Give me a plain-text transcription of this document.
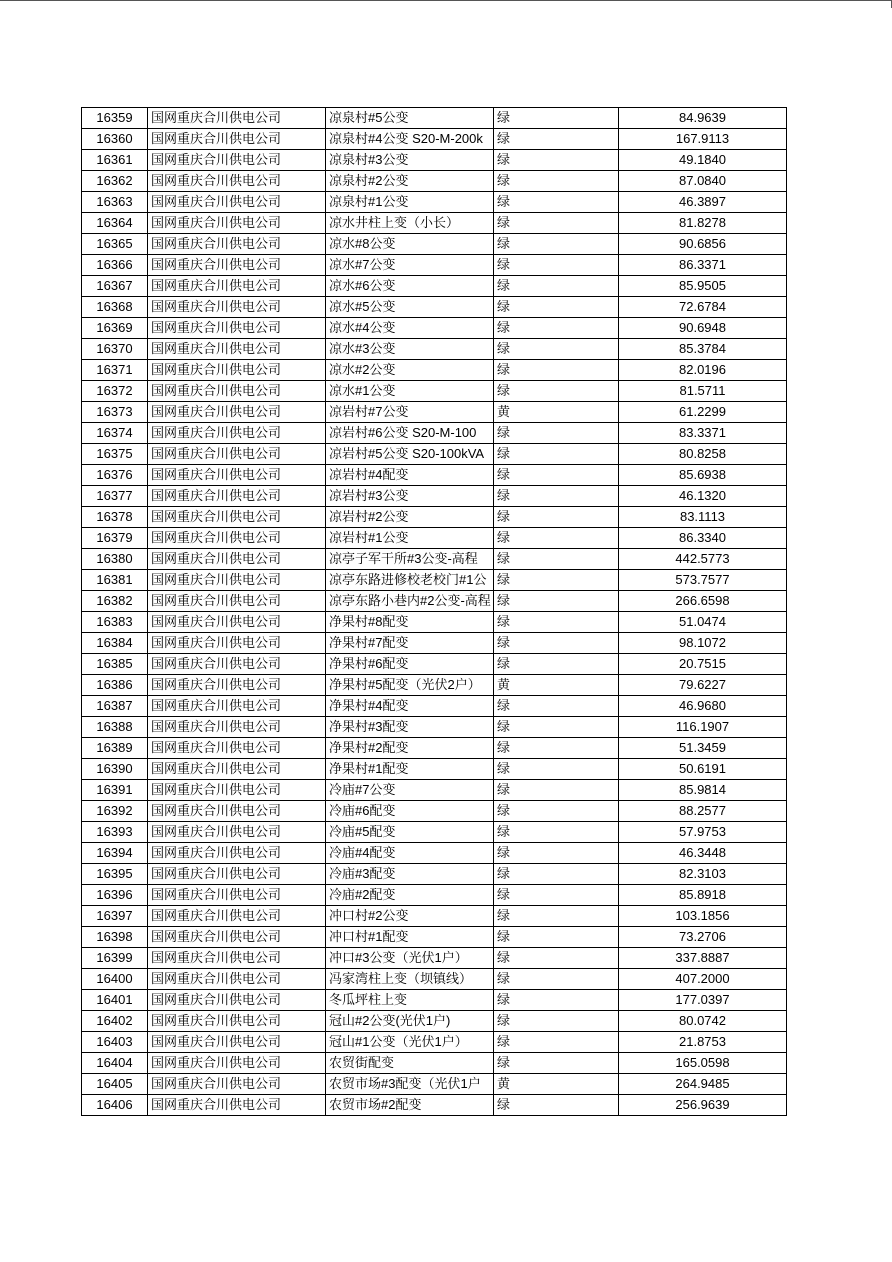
16359	国网重庆合川供电公司	凉泉村#5公变	绿	84.9639
16360	国网重庆合川供电公司	凉泉村#4公变 S20-M-200k	绿	167.9113
16361	国网重庆合川供电公司	凉泉村#3公变	绿	49.1840
16362	国网重庆合川供电公司	凉泉村#2公变	绿	87.0840
16363	国网重庆合川供电公司	凉泉村#1公变	绿	46.3897
16364	国网重庆合川供电公司	凉水井柱上变（小长）	绿	81.8278
16365	国网重庆合川供电公司	凉水#8公变	绿	90.6856
16366	国网重庆合川供电公司	凉水#7公变	绿	86.3371
16367	国网重庆合川供电公司	凉水#6公变	绿	85.9505
16368	国网重庆合川供电公司	凉水#5公变	绿	72.6784
16369	国网重庆合川供电公司	凉水#4公变	绿	90.6948
16370	国网重庆合川供电公司	凉水#3公变	绿	85.3784
16371	国网重庆合川供电公司	凉水#2公变	绿	82.0196
16372	国网重庆合川供电公司	凉水#1公变	绿	81.5711
16373	国网重庆合川供电公司	凉岩村#7公变	黄	61.2299
16374	国网重庆合川供电公司	凉岩村#6公变 S20-M-100	绿	83.3371
16375	国网重庆合川供电公司	凉岩村#5公变 S20-100kVA	绿	80.8258
16376	国网重庆合川供电公司	凉岩村#4配变	绿	85.6938
16377	国网重庆合川供电公司	凉岩村#3公变	绿	46.1320
16378	国网重庆合川供电公司	凉岩村#2公变	绿	83.1113
16379	国网重庆合川供电公司	凉岩村#1公变	绿	86.3340
16380	国网重庆合川供电公司	凉亭子军干所#3公变-高程	绿	442.5773
16381	国网重庆合川供电公司	凉亭东路进修校老校门#1公	绿	573.7577
16382	国网重庆合川供电公司	凉亭东路小巷内#2公变-高程	绿	266.6598
16383	国网重庆合川供电公司	净果村#8配变	绿	51.0474
16384	国网重庆合川供电公司	净果村#7配变	绿	98.1072
16385	国网重庆合川供电公司	净果村#6配变	绿	20.7515
16386	国网重庆合川供电公司	净果村#5配变（光伏2户）	黄	79.6227
16387	国网重庆合川供电公司	净果村#4配变	绿	46.9680
16388	国网重庆合川供电公司	净果村#3配变	绿	116.1907
16389	国网重庆合川供电公司	净果村#2配变	绿	51.3459
16390	国网重庆合川供电公司	净果村#1配变	绿	50.6191
16391	国网重庆合川供电公司	冷庙#7公变	绿	85.9814
16392	国网重庆合川供电公司	冷庙#6配变	绿	88.2577
16393	国网重庆合川供电公司	冷庙#5配变	绿	57.9753
16394	国网重庆合川供电公司	冷庙#4配变	绿	46.3448
16395	国网重庆合川供电公司	冷庙#3配变	绿	82.3103
16396	国网重庆合川供电公司	冷庙#2配变	绿	85.8918
16397	国网重庆合川供电公司	冲口村#2公变	绿	103.1856
16398	国网重庆合川供电公司	冲口村#1配变	绿	73.2706
16399	国网重庆合川供电公司	冲口#3公变（光伏1户）	绿	337.8887
16400	国网重庆合川供电公司	冯家湾柱上变（坝镇线）	绿	407.2000
16401	国网重庆合川供电公司	冬瓜坪柱上变	绿	177.0397
16402	国网重庆合川供电公司	冠山#2公变(光伏1户)	绿	80.0742
16403	国网重庆合川供电公司	冠山#1公变（光伏1户）	绿	21.8753
16404	国网重庆合川供电公司	农贸街配变	绿	165.0598
16405	国网重庆合川供电公司	农贸市场#3配变（光伏1户	黄	264.9485
16406	国网重庆合川供电公司	农贸市场#2配变	绿	256.9639
